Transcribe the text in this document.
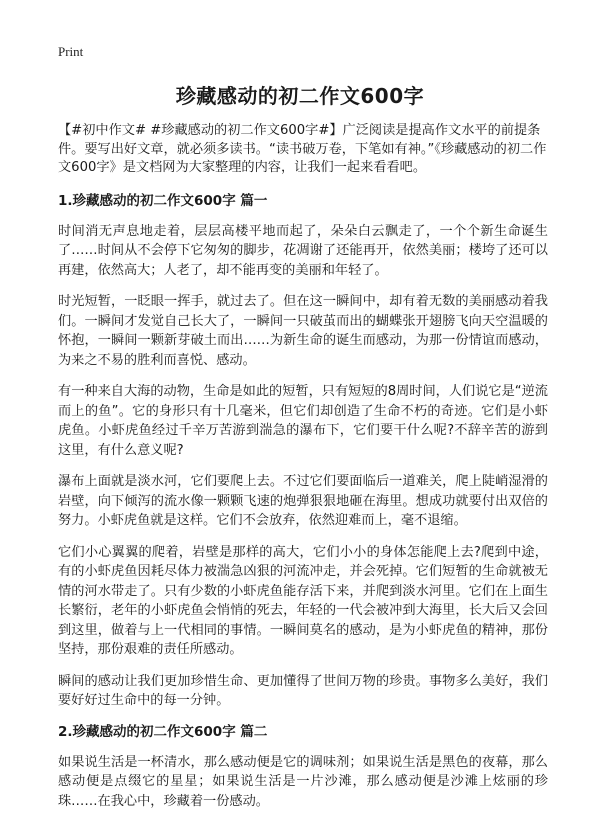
Print
珍藏感动的初二作文600字

【#初中作文# #珍藏感动的初二作文600字#】广泛阅读是提高作文水平的前提条件。要写出好文章，就必须多读书。“读书破万卷，下笔如有神。”《珍藏感动的初二作文600字》是文档网为大家整理的内容，让我们一起来看看吧。

1.珍藏感动的初二作文600字 篇一

时间消无声息地走着，层层高楼平地而起了，朵朵白云飘走了，一个个新生命诞生了……时间从不会停下它匆匆的脚步，花凋谢了还能再开，依然美丽；楼垮了还可以再建，依然高大；人老了，却不能再变的美丽和年轻了。

时光短暂，一眨眼一挥手，就过去了。但在这一瞬间中，却有着无数的美丽感动着我们。一瞬间才发觉自己长大了，一瞬间一只破茧而出的蝴蝶张开翅膀飞向天空温暖的怀抱，一瞬间一颗新芽破土而出……为新生命的诞生而感动，为那一份情谊而感动，为来之不易的胜利而喜悦、感动。

有一种来自大海的动物，生命是如此的短暂，只有短短的8周时间，人们说它是“逆流而上的鱼”。它的身形只有十几毫米，但它们却创造了生命不朽的奇迹。它们是小虾虎鱼。小虾虎鱼经过千辛万苦游到湍急的瀑布下，它们要干什么呢?不辞辛苦的游到这里，有什么意义呢?

瀑布上面就是淡水河，它们要爬上去。不过它们要面临后一道难关，爬上陡峭湿滑的岩壁，向下倾泻的流水像一颗颗飞速的炮弹狠狠地砸在海里。想成功就要付出双倍的努力。小虾虎鱼就是这样。它们不会放弃，依然迎难而上，毫不退缩。

它们小心翼翼的爬着，岩壁是那样的高大，它们小小的身体怎能爬上去?爬到中途，有的小虾虎鱼因耗尽体力被湍急凶狠的河流冲走，并会死掉。它们短暂的生命就被无情的河水带走了。只有少数的小虾虎鱼能存活下来，并爬到淡水河里。它们在上面生长繁衍，老年的小虾虎鱼会悄悄的死去，年轻的一代会被冲到大海里，长大后又会回到这里，做着与上一代相同的事情。一瞬间莫名的感动，是为小虾虎鱼的精神，那份坚持，那份艰难的责任所感动。

瞬间的感动让我们更加珍惜生命、更加懂得了世间万物的珍贵。事物多么美好，我们要好好过生命中的每一分钟。

2.珍藏感动的初二作文600字 篇二

如果说生活是一杯清水，那么感动便是它的调味剂；如果说生活是黑色的夜幕，那么感动便是点缀它的星星；如果说生活是一片沙滩，那么感动便是沙滩上炫丽的珍珠……在我心中，珍藏着一份感动。
